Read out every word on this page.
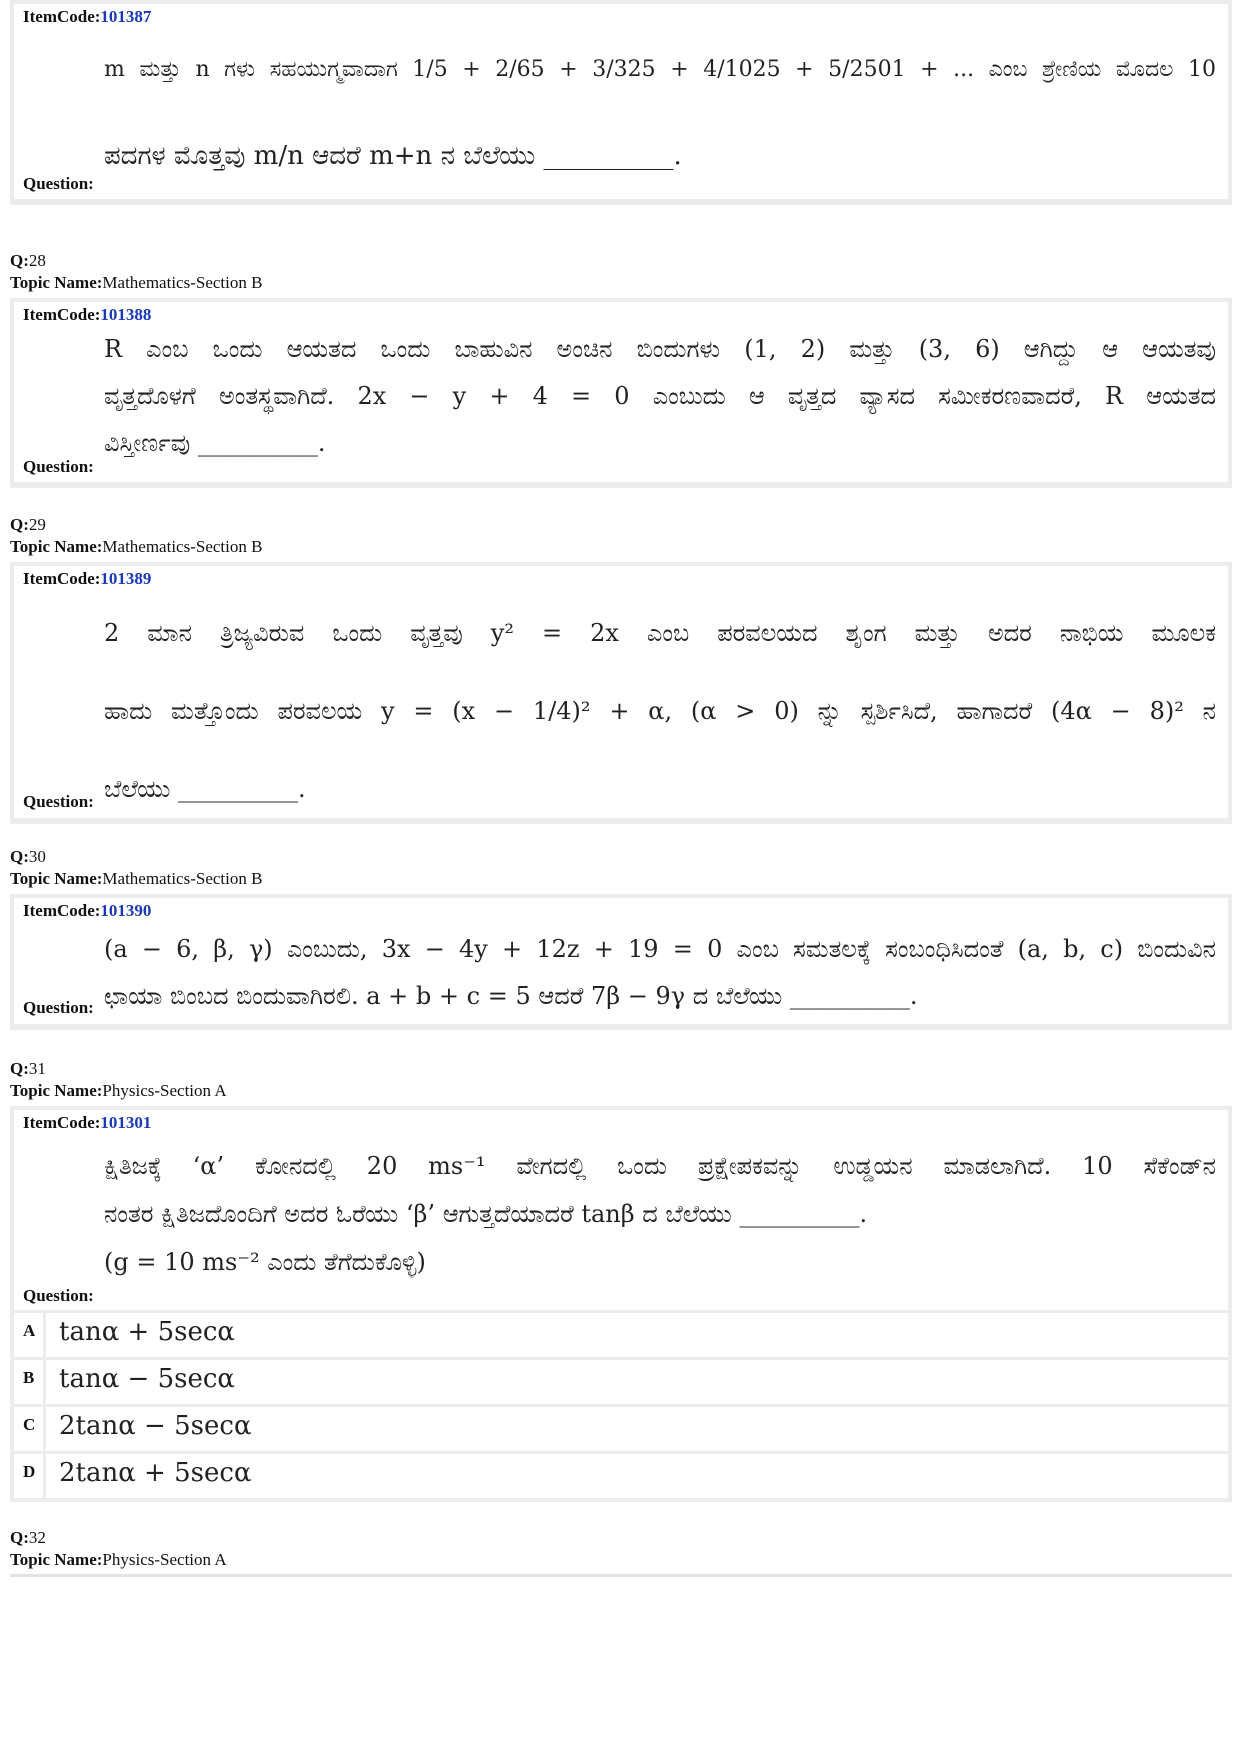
ItemCode:101387
m ಮತ್ತು n ಗಳು ಸಹಯುಗ್ಮವಾದಾಗ 1/5 + 2/65 + 3/325 + 4/1025 + 5/2501 + ... ಎಂಬ ಶ್ರೇಣಿಯ ಮೊದಲ 10
ಪದಗಳ ಮೊತ್ತವು m/n ಆದರೆ m+n ನ ಬೆಲೆಯು __________.
Question:
Q:28
Topic Name:Mathematics-Section B
ItemCode:101388
R ಎಂಬ ಒಂದು ಆಯತದ ಒಂದು ಬಾಹುವಿನ ಅಂಚಿನ ಬಿಂದುಗಳು (1, 2) ಮತ್ತು (3, 6) ಆಗಿದ್ದು ಆ ಆಯತವು
ವೃತ್ತದೊಳಗೆ ಅಂತಸ್ಥವಾಗಿದೆ. 2x − y + 4 = 0 ಎಂಬುದು ಆ ವೃತ್ತದ ವ್ಯಾಸದ ಸಮೀಕರಣವಾದರೆ, R ಆಯತದ
ವಿಸ್ತೀರ್ಣವು __________.
Question:
Q:29
Topic Name:Mathematics-Section B
ItemCode:101389
2 ಮಾನ ತ್ರಿಜ್ಯವಿರುವ ಒಂದು ವೃತ್ತವು y² = 2x ಎಂಬ ಪರವಲಯದ ಶೃಂಗ ಮತ್ತು ಅದರ ನಾಭಿಯ ಮೂಲಕ
ಹಾದು ಮತ್ತೊಂದು ಪರವಲಯ y = (x − 1/4)² + α, (α > 0) ನ್ನು ಸ್ಪರ್ಶಿಸಿದೆ, ಹಾಗಾದರೆ (4α − 8)² ನ
ಬೆಲೆಯು __________.
Question:
Q:30
Topic Name:Mathematics-Section B
ItemCode:101390
(a − 6, β, γ) ಎಂಬುದು, 3x − 4y + 12z + 19 = 0 ಎಂಬ ಸಮತಲಕ್ಕೆ ಸಂಬಂಧಿಸಿದಂತೆ (a, b, c) ಬಿಂದುವಿನ
ಛಾಯಾ ಬಿಂಬದ ಬಿಂದುವಾಗಿರಲಿ. a + b + c = 5 ಆದರೆ 7β − 9γ ದ ಬೆಲೆಯು __________.
Question:
Q:31
Topic Name:Physics-Section A
ItemCode:101301
ಕ್ಷಿತಿಜಕ್ಕೆ ‘α’ ಕೋನದಲ್ಲಿ 20 ms⁻¹ ವೇಗದಲ್ಲಿ ಒಂದು ಪ್ರಕ್ಷೇಪಕವನ್ನು ಉಡ್ಡಯನ ಮಾಡಲಾಗಿದೆ. 10 ಸೆಕೆಂಡ್‌ನ
ನಂತರ ಕ್ಷಿತಿಜದೊಂದಿಗೆ ಅದರ ಓರೆಯು ‘β’ ಆಗುತ್ತದೆಯಾದರೆ tanβ ದ ಬೆಲೆಯು __________.
(g = 10 ms⁻² ಎಂದು ತೆಗೆದುಕೊಳ್ಳಿ)
Question:
A tanα + 5secα
B tanα − 5secα
C 2tanα − 5secα
D 2tanα + 5secα
Q:32
Topic Name:Physics-Section A
